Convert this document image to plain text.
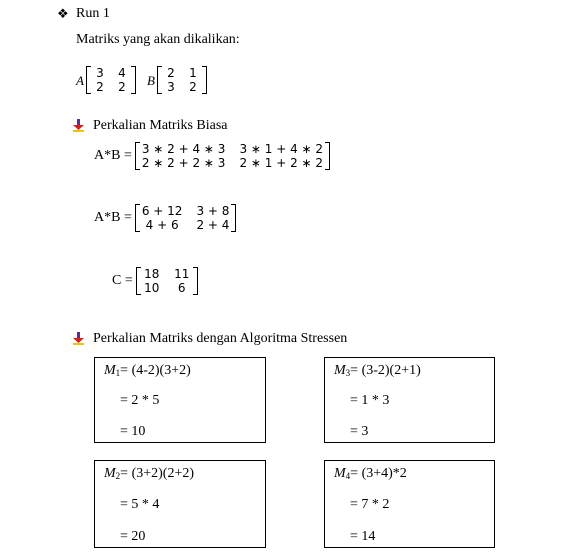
❖ Run 1
Matriks yang akan dikalikan:
A 3 4
2 2 B 2 1
3 2
Perkalian Matriks Biasa
A*B = 3 ∗ 2 + 4 ∗ 3 3 ∗ 1 + 4 ∗ 2
2 ∗ 2 + 2 ∗ 3 2 ∗ 1 + 2 ∗ 2
A*B = 6 + 12 3 + 8
4 + 6	2 + 4
C = 18 11
10	6
Perkalian Matriks dengan Algoritma Stressen
$M_1= (4-2)(3+2)$
= 2 * 5
= 10
$M_3= (3-2)(2+1)$
= 1 * 3
= 3
$M_2= (3+2)(2+2)$
= 5 * 4
= 20
$M_4= (3+4)*2$
= 7 * 2
= 14
